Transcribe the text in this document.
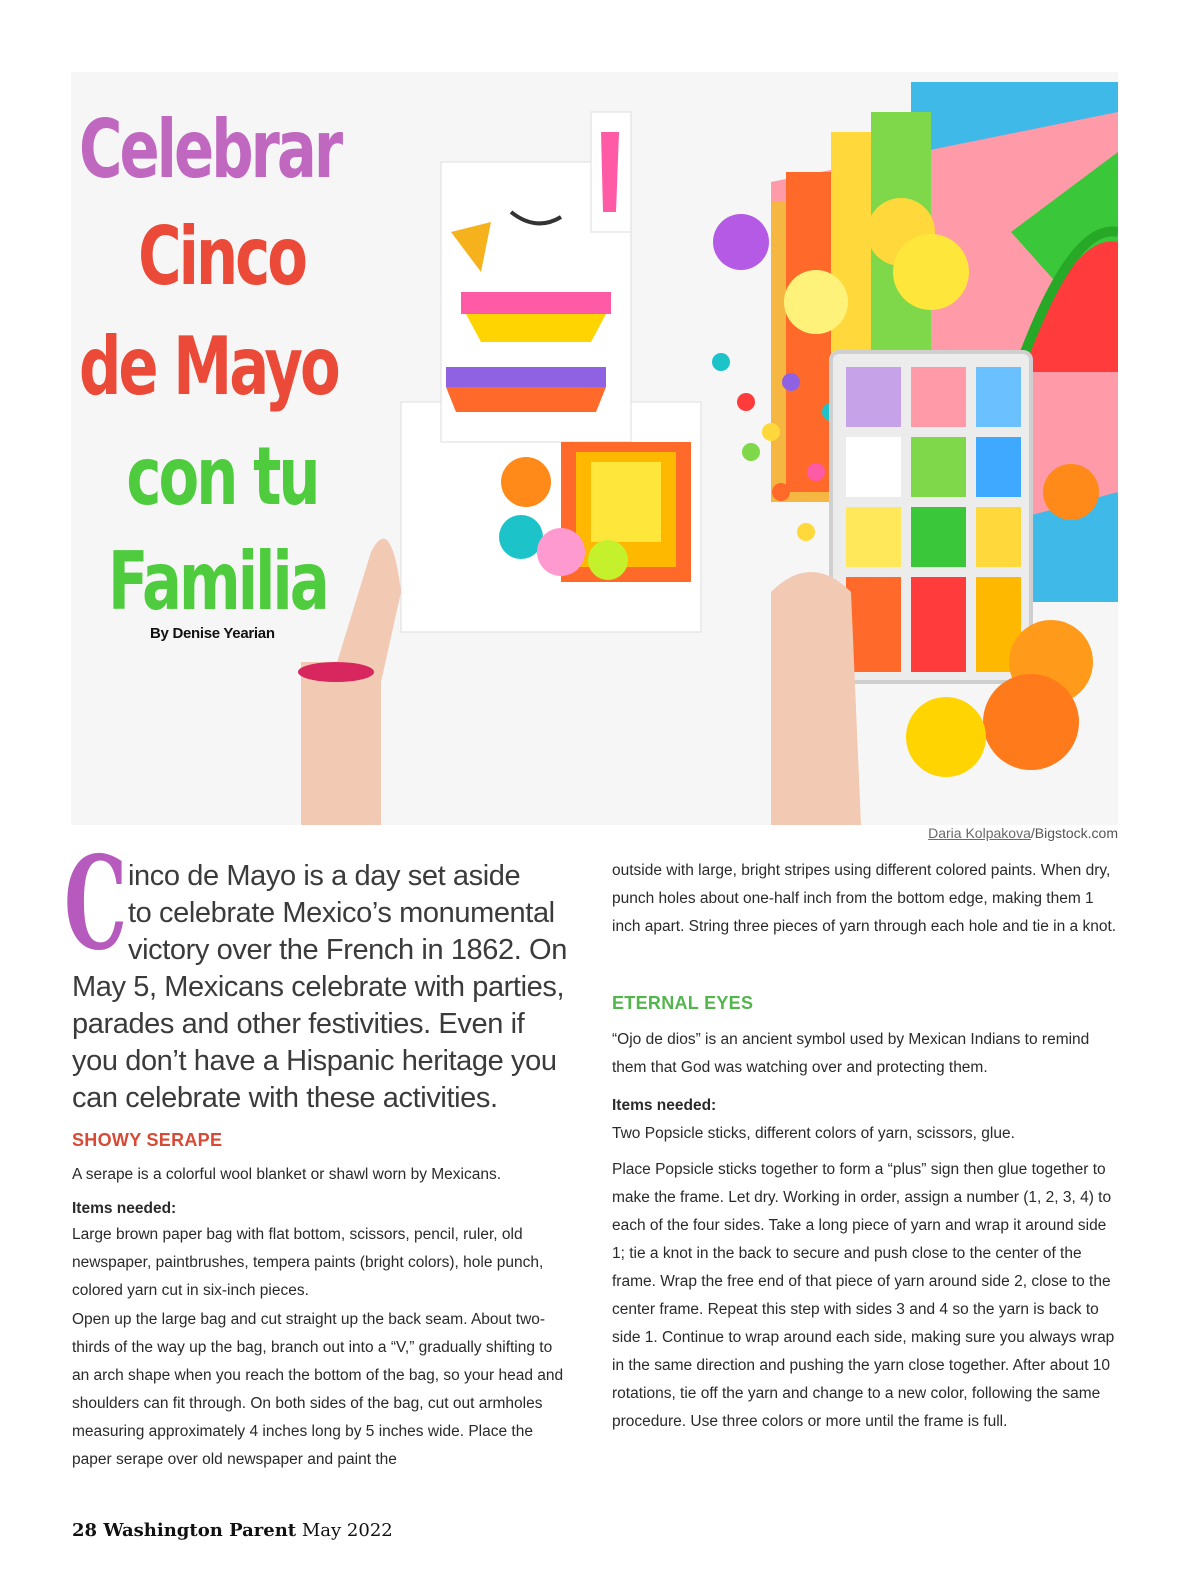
Celebrar
Cinco
de Mayo
con tu
Familia
By Denise Yearian
Daria Kolpakova/Bigstock.com
C inco de Mayo is a day set aside
to celebrate Mexico’s monumental
victory over the French in 1862. On
May 5, Mexicans celebrate with parties,
parades and other festivities. Even if
you don’t have a Hispanic heritage you
can celebrate with these activities.
SHOWY SERAPE
A serape is a colorful wool blanket or shawl worn by Mexicans.
Items needed:
Large brown paper bag with flat bottom, scissors, pencil, ruler, old newspaper, paintbrushes, tempera paints (bright colors), hole punch, colored yarn cut in six-inch pieces.
Open up the large bag and cut straight up the back seam. About two-thirds of the way up the bag, branch out into a “V,” gradually shifting to an arch shape when you reach the bottom of the bag, so your head and shoulders can fit through. On both sides of the bag, cut out armholes measuring approximately 4 inches long by 5 inches wide. Place the paper serape over old newspaper and paint the
outside with large, bright stripes using different colored paints. When dry, punch holes about one-half inch from the bottom edge, making them 1 inch apart. String three pieces of yarn through each hole and tie in a knot.
ETERNAL EYES
“Ojo de dios” is an ancient symbol used by Mexican Indians to remind them that God was watching over and protecting them.
Items needed:
Two Popsicle sticks, different colors of yarn, scissors, glue.
Place Popsicle sticks together to form a “plus” sign then glue together to make the frame. Let dry. Working in order, assign a number (1, 2, 3, 4) to each of the four sides. Take a long piece of yarn and wrap it around side 1; tie a knot in the back to secure and push close to the center of the frame. Wrap the free end of that piece of yarn around side 2, close to the center frame. Repeat this step with sides 3 and 4 so the yarn is back to side 1. Continue to wrap around each side, making sure you always wrap in the same direction and pushing the yarn close together. After about 10 rotations, tie off the yarn and change to a new color, following the same procedure. Use three colors or more until the frame is full.
28 Washington Parent May 2022
